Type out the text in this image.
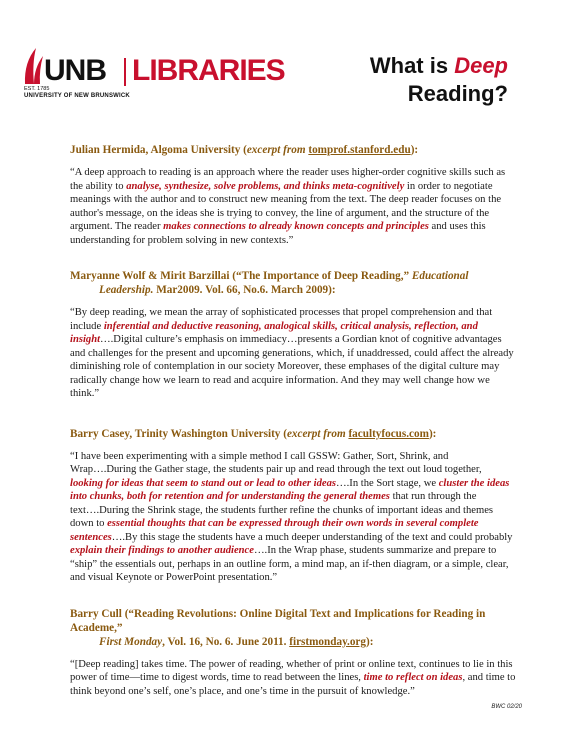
UNB LIBRARIES
EST. 1785
UNIVERSITY OF NEW BRUNSWICK
What is Deep
Reading?

Julian Hermida, Algoma University (excerpt from tomprof.stanford.edu):

“A deep approach to reading is an approach where the reader uses higher-order cognitive skills such as the ability to analyse, synthesize, solve problems, and thinks meta-cognitively in order to negotiate meanings with the author and to construct new meaning from the text. The deep reader focuses on the author's message, on the ideas she is trying to convey, the line of argument, and the structure of the argument. The reader makes connections to already known concepts and principles and uses this understanding for problem solving in new contexts.”

Maryanne Wolf & Mirit Barzillai (“The Importance of Deep Reading,” Educational
Leadership. Mar2009. Vol. 66, No.6. March 2009):

“By deep reading, we mean the array of sophisticated processes that propel comprehension and that include inferential and deductive reasoning, analogical skills, critical analysis, reflection, and insight….Digital culture’s emphasis on immediacy…presents a Gordian knot of cognitive advantages and challenges for the present and upcoming generations, which, if unaddressed, could affect the already diminishing role of contemplation in our society Moreover, these emphases of the digital culture may radically change how we learn to read and acquire information. And they may well change how we think.”

Barry Casey, Trinity Washington University (excerpt from facultyfocus.com):

“I have been experimenting with a simple method I call GSSW: Gather, Sort, Shrink, and Wrap….During the Gather stage, the students pair up and read through the text out loud together, looking for ideas that seem to stand out or lead to other ideas….In the Sort stage, we cluster the ideas into chunks, both for retention and for understanding the general themes that run through the text….During the Shrink stage, the students further refine the chunks of important ideas and themes down to essential thoughts that can be expressed through their own words in several complete sentences….By this stage the students have a much deeper understanding of the text and could probably explain their findings to another audience….In the Wrap phase, students summarize and prepare to “ship” the essentials out, perhaps in an outline form, a mind map, an if-then diagram, or a simple, clear, and visual Keynote or PowerPoint presentation.”

Barry Cull (“Reading Revolutions: Online Digital Text and Implications for Reading in Academe,”
First Monday, Vol. 16, No. 6. June 2011. firstmonday.org):

“[Deep reading] takes time. The power of reading, whether of print or online text, continues to lie in this power of time—time to digest words, time to read between the lines, time to reflect on ideas, and time to think beyond one’s self, one’s place, and one’s time in the pursuit of knowledge.”

BWC 02/20
